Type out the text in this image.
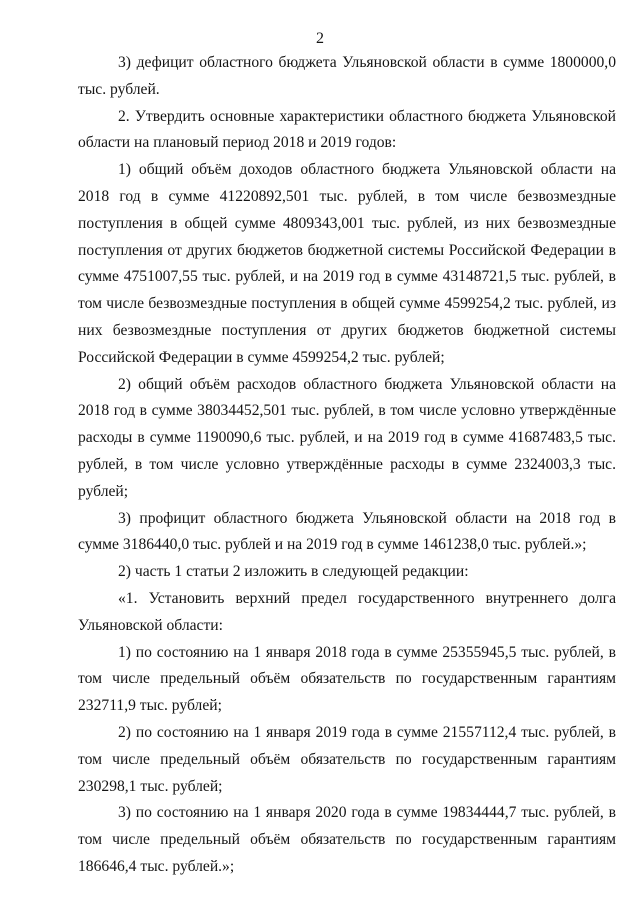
2

3) дефицит областного бюджета Ульяновской области в сумме 1800000,0 тыс. рублей.

2. Утвердить основные характеристики областного бюджета Ульяновской области на плановый период 2018 и 2019 годов:

1) общий объём доходов областного бюджета Ульяновской области на 2018 год в сумме 41220892,501 тыс. рублей, в том числе безвозмездные поступления в общей сумме 4809343,001 тыс. рублей, из них безвозмездные поступления от других бюджетов бюджетной системы Российской Федерации в сумме 4751007,55 тыс. рублей, и на 2019 год в сумме 43148721,5 тыс. рублей, в том числе безвозмездные поступления в общей сумме 4599254,2 тыс. рублей, из них безвозмездные поступления от других бюджетов бюджетной системы Российской Федерации в сумме 4599254,2 тыс. рублей;

2) общий объём расходов областного бюджета Ульяновской области на 2018 год в сумме 38034452,501 тыс. рублей, в том числе условно утверждённые расходы в сумме 1190090,6 тыс. рублей, и на 2019 год в сумме 41687483,5 тыс. рублей, в том числе условно утверждённые расходы в сумме 2324003,3 тыс. рублей;

3) профицит областного бюджета Ульяновской области на 2018 год в сумме 3186440,0 тыс. рублей и на 2019 год в сумме 1461238,0 тыс. рублей.»;

2) часть 1 статьи 2 изложить в следующей редакции:

«1. Установить верхний предел государственного внутреннего долга Ульяновской области:

1) по состоянию на 1 января 2018 года в сумме 25355945,5 тыс. рублей, в том числе предельный объём обязательств по государственным гарантиям 232711,9 тыс. рублей;

2) по состоянию на 1 января 2019 года в сумме 21557112,4 тыс. рублей, в том числе предельный объём обязательств по государственным гарантиям 230298,1 тыс. рублей;

3) по состоянию на 1 января 2020 года в сумме 19834444,7 тыс. рублей, в том числе предельный объём обязательств по государственным гарантиям 186646,4 тыс. рублей.»;
